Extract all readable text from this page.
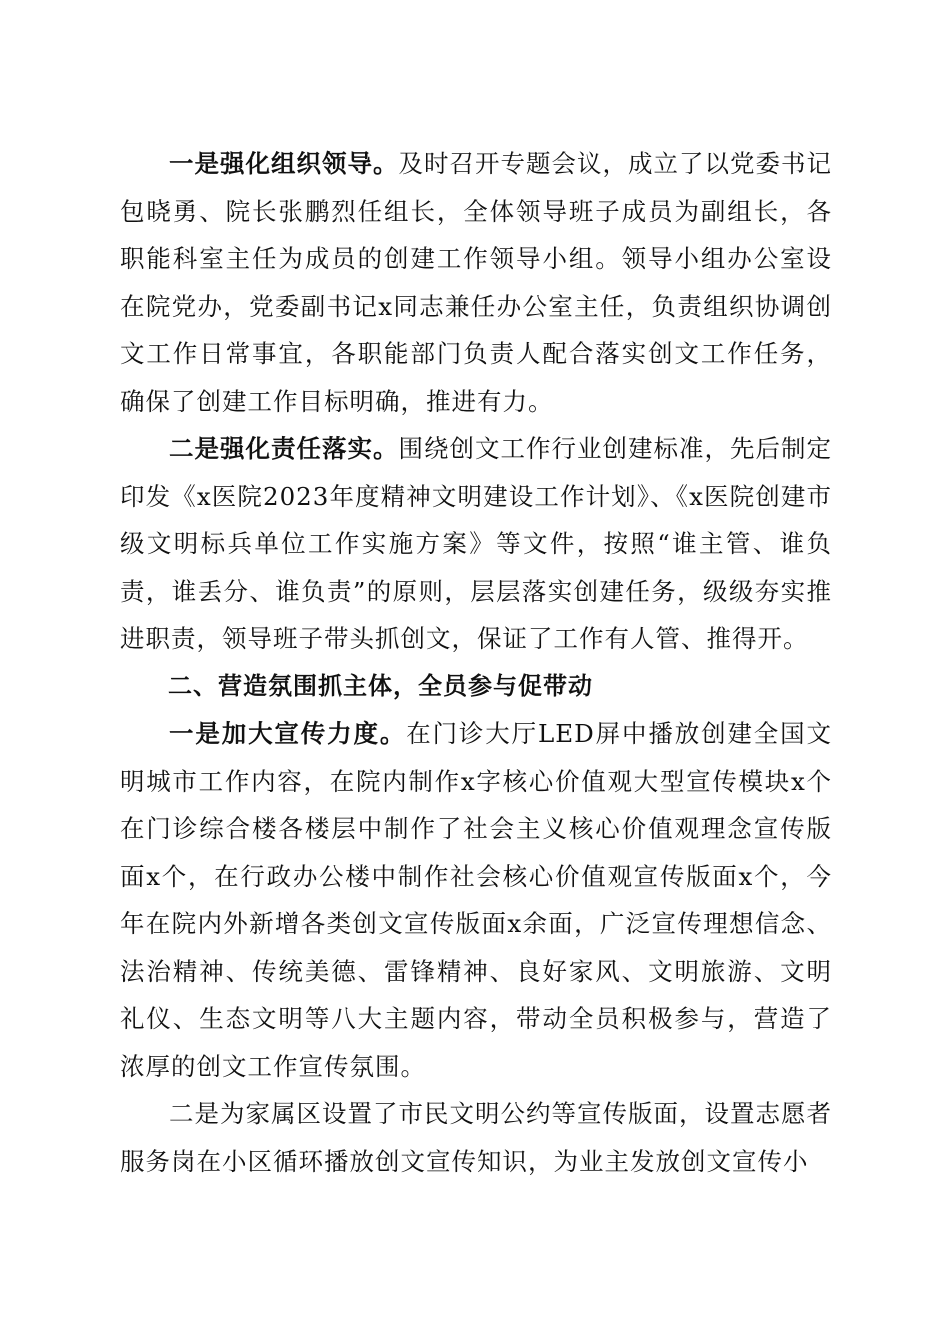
一是强化组织领导。及时召开专题会议，成立了以党委书记包晓勇、院长张鹏烈任组长，全体领导班子成员为副组长，各职能科室主任为成员的创建工作领导小组。领导小组办公室设在院党办，党委副书记x同志兼任办公室主任，负责组织协调创文工作日常事宜，各职能部门负责人配合落实创文工作任务，确保了创建工作目标明确，推进有力。

二是强化责任落实。围绕创文工作行业创建标准，先后制定印发《x医院2023年度精神文明建设工作计划》、《x医院创建市级文明标兵单位工作实施方案》等文件，按照“谁主管、谁负责，谁丢分、谁负责”的原则，层层落实创建任务，级级夯实推进职责，领导班子带头抓创文，保证了工作有人管、推得开。

二、营造氛围抓主体，全员参与促带动

一是加大宣传力度。在门诊大厅LED屏中播放创建全国文明城市工作内容，在院内制作x字核心价值观大型宣传模块x个在门诊综合楼各楼层中制作了社会主义核心价值观理念宣传版面x个，在行政办公楼中制作社会核心价值观宣传版面x个，今年在院内外新增各类创文宣传版面x余面，广泛宣传理想信念、法治精神、传统美德、雷锋精神、良好家风、文明旅游、文明礼仪、生态文明等八大主题内容，带动全员积极参与，营造了浓厚的创文工作宣传氛围。

二是为家属区设置了市民文明公约等宣传版面，设置志愿者服务岗在小区循环播放创文宣传知识，为业主发放创文宣传小
